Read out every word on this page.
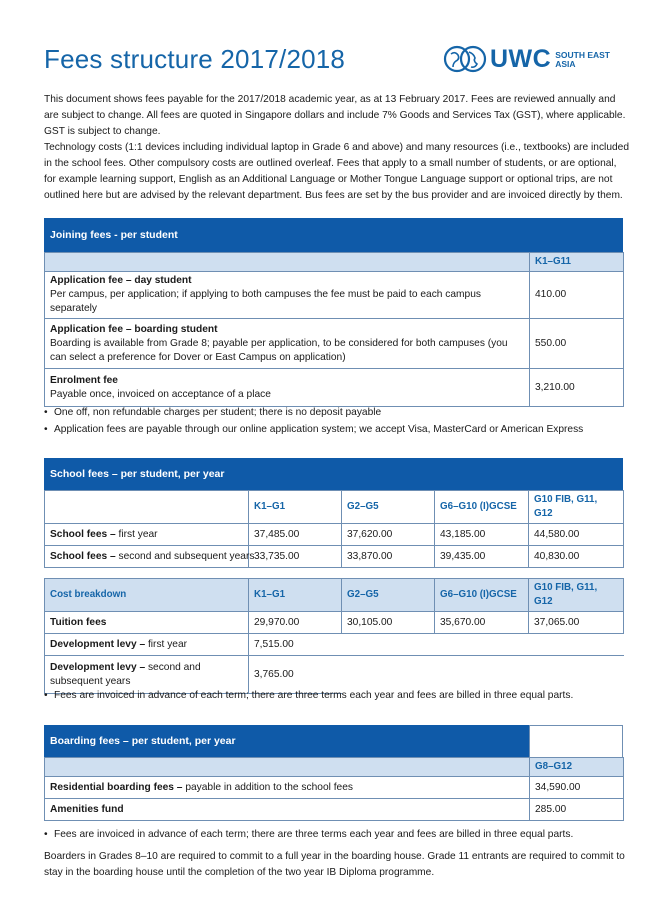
Fees structure 2017/2018	UWC SOUTH EAST
ASIA

This document shows fees payable for the 2017/2018 academic year, as at 13 February 2017. Fees are reviewed annually and are subject to change. All fees are quoted in Singapore dollars and include 7% Goods and Services Tax (GST), where applicable. GST is subject to change.

Technology costs (1:1 devices including individual laptop in Grade 6 and above) and many resources (i.e., textbooks) are included in the school fees. Other compulsory costs are outlined overleaf. Fees that apply to a small number of students, or are optional, for example learning support, English as an Additional Language or Mother Tongue Language support or optional trips, are not outlined here but are advised by the relevant department. Bus fees are set by the bus provider and are invoiced directly by them.

Joining fees - per student
	K1–G11
Application fee – day student
Per campus, per application; if applying to both campuses the fee must be paid to each campus separately	410.00
Application fee – boarding student
Boarding is available from Grade 8; payable per application, to be considered for both campuses (you can select a preference for Dover or East Campus on application)	550.00
Enrolment fee
Payable once, invoiced on acceptance of a place	3,210.00
• One off, non refundable charges per student; there is no deposit payable
• Application fees are payable through our online application system; we accept Visa, MasterCard or American Express
School fees – per student, per year
	K1–G1	G2–G5	G6–G10 (I)GCSE	G10 FIB, G11, G12
School fees – first year	37,485.00	37,620.00	43,185.00	44,580.00
School fees – second and subsequent years	33,735.00	33,870.00	39,435.00	40,830.00
Cost breakdown	K1–G1	G2–G5	G6–G10 (I)GCSE	G10 FIB, G11, G12
Tuition fees	29,970.00	30,105.00	35,670.00	37,065.00
Development levy – first year	7,515.00			
Development levy – second and subsequent years	3,765.00			
• Fees are invoiced in advance of each term; there are three terms each year and fees are billed in three equal parts.
Boarding fees – per student, per year
	G8–G12
Residential boarding fees – payable in addition to the school fees	34,590.00
Amenities fund	285.00
• Fees are invoiced in advance of each term; there are three terms each year and fees are billed in three equal parts.

Boarders in Grades 8–10 are required to commit to a full year in the boarding house. Grade 11 entrants are required to commit to stay in the boarding house until the completion of the two year IB Diploma programme.
